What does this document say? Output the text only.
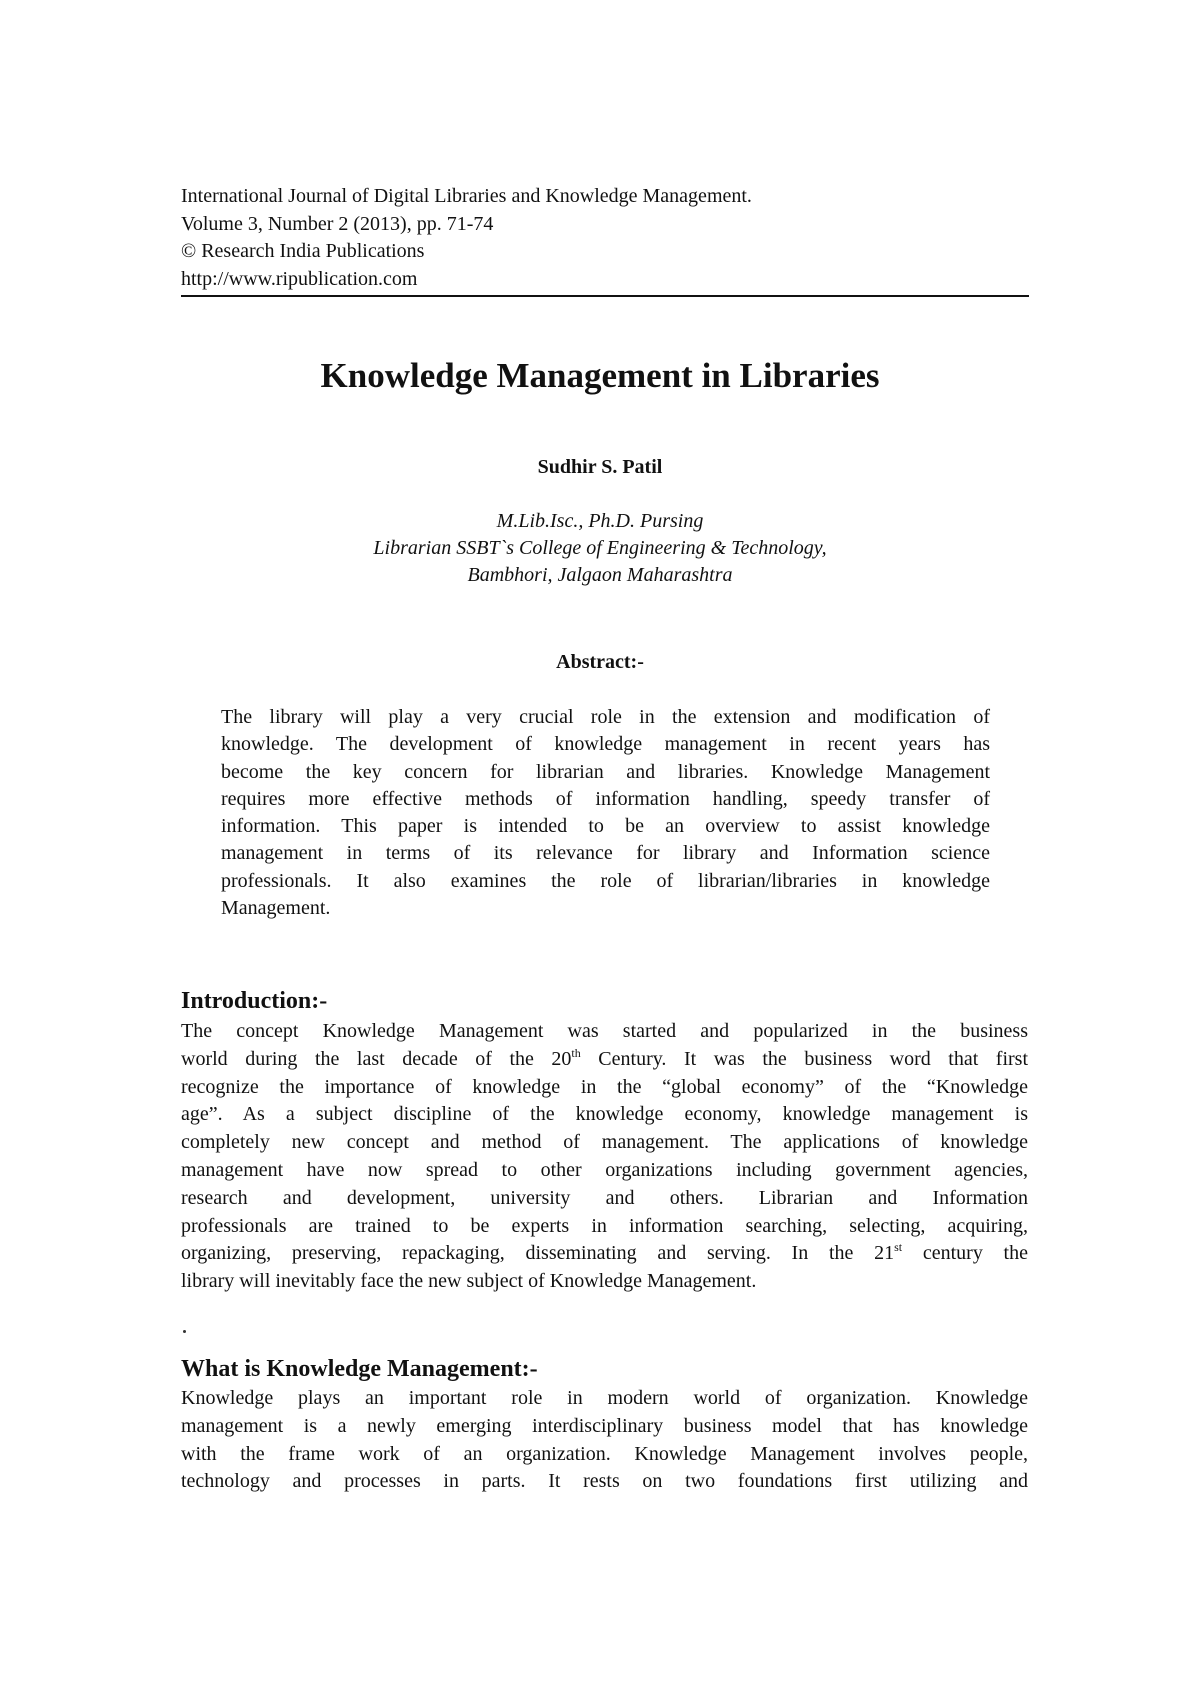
International Journal of Digital Libraries and Knowledge Management.
Volume 3, Number 2 (2013), pp. 71-74
© Research India Publications
http://www.ripublication.com
Knowledge Management in Libraries
Sudhir S. Patil
M.Lib.Isc., Ph.D. Pursing
Librarian SSBT`s College of Engineering & Technology,
Bambhori, Jalgaon Maharashtra
Abstract:-
The library will play a very crucial role in the extension and modification of
knowledge. The development of knowledge management in recent years has
become the key concern for librarian and libraries. Knowledge Management
requires more effective methods of information handling, speedy transfer of
information. This paper is intended to be an overview to assist knowledge
management in terms of its relevance for library and Information science
professionals. It also examines the role of librarian/libraries in knowledge
Management.
Introduction:-
The concept Knowledge Management was started and popularized in the business
world during the last decade of the 20th Century. It was the business word that first
recognize the importance of knowledge in the “global economy” of the “Knowledge
age”. As a subject discipline of the knowledge economy, knowledge management is
completely new concept and method of management. The applications of knowledge
management have now spread to other organizations including government agencies,
research and development, university and others. Librarian and Information
professionals are trained to be experts in information searching, selecting, acquiring,
organizing, preserving, repackaging, disseminating and serving. In the 21st century the
library will inevitably face the new subject of Knowledge Management.
What is Knowledge Management:-
Knowledge plays an important role in modern world of organization. Knowledge
management is a newly emerging interdisciplinary business model that has knowledge
with the frame work of an organization. Knowledge Management involves people,
technology and processes in parts. It rests on two foundations first utilizing and
